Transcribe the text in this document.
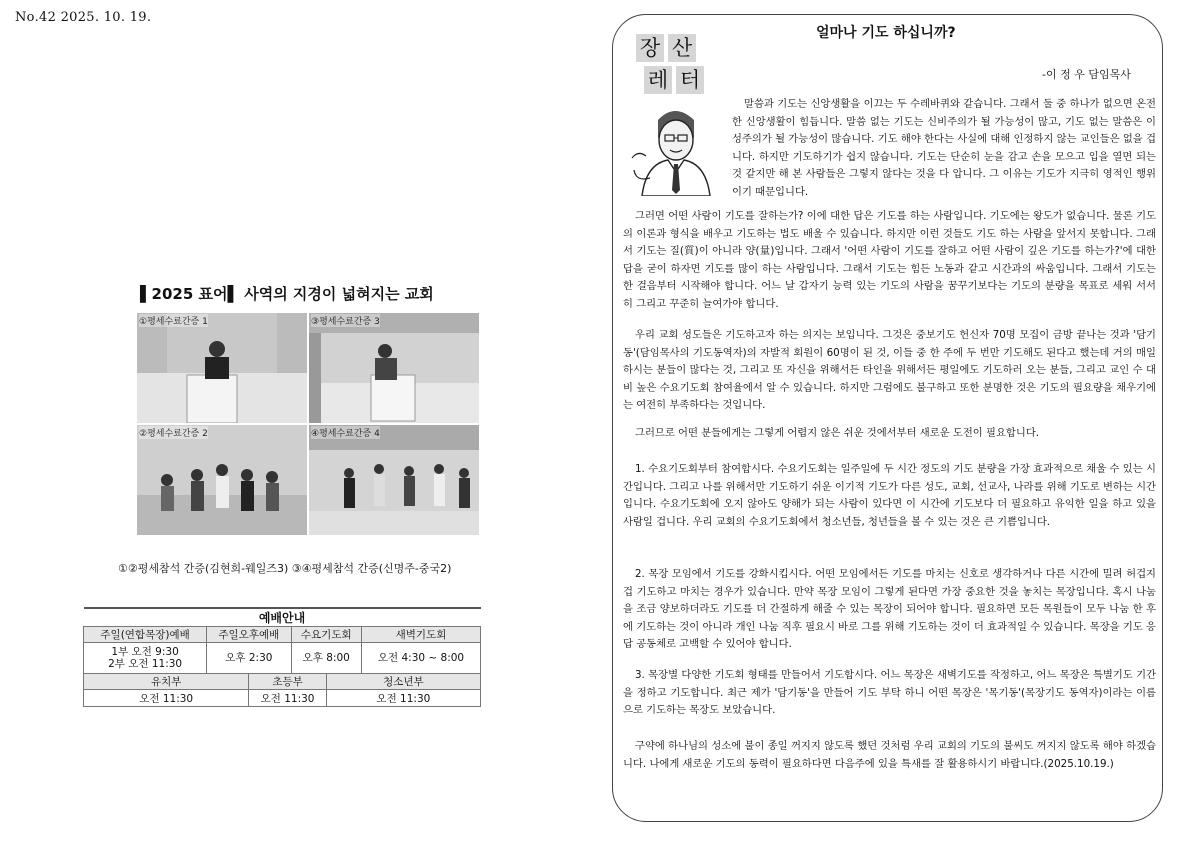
No.42 2025. 10. 19.
▌2025 표어▌ 사역의 지경이 넓혀지는 교회
①평세수료간증 1	③평세수료간증 3
②평세수료간증 2	④평세수료간증 4
①②평세참석 간증(김현희-웨일즈3) ③④평세참석 간증(신명주-중국2)
예배안내					
주일(연합목장)예배	주일오후예배		수요기도회		새벽기도회
1부 오전 9:30
2부 오전 11:30	오후 2:30		오후 8:00		오전 4:30 ~ 8:00
유치부		초등부		청소년부	
오전 11:30		오전 11:30		오전 11:30	
장 산
레 터
얼마나 기도 하십니까?
-이 정 우 담임목사

말씀과 기도는 신앙생활을 이끄는 두 수레바퀴와 같습니다. 그래서 둘 중 하나가 없으면 온전한 신앙생활이 힘듭니다. 말씀 없는 기도는 신비주의가 될 가능성이 많고, 기도 없는 말씀은 이성주의가 될 가능성이 많습니다. 기도 해야 한다는 사실에 대해 인정하지 않는 교인들은 없을 겁니다. 하지만 기도하기가 쉽지 않습니다. 기도는 단순히 눈을 감고 손을 모으고 입을 열면 되는 것 같지만 해 본 사람들은 그렇지 않다는 것을 다 압니다. 그 이유는 기도가 지극히 영적인 행위이기 때문입니다.

그러면 어떤 사람이 기도를 잘하는가? 이에 대한 답은 기도를 하는 사람입니다. 기도에는 왕도가 없습니다. 물론 기도의 이론과 형식을 배우고 기도하는 법도 배울 수 있습니다. 하지만 이런 것들도 기도 하는 사람을 앞서지 못합니다. 그래서 기도는 질(質)이 아니라 양(量)입니다. 그래서 '어떤 사람이 기도를 잘하고 어떤 사람이 깊은 기도를 하는가?'에 대한 답을 굳이 하자면 기도를 많이 하는 사람입니다. 그래서 기도는 힘든 노동과 같고 시간과의 싸움입니다. 그래서 기도는 한 걸음부터 시작해야 합니다. 어느 날 갑자기 능력 있는 기도의 사람을 꿈꾸기보다는 기도의 분량을 목표로 세워 서서히 그리고 꾸준히 늘여가야 합니다.

우리 교회 성도들은 기도하고자 하는 의지는 보입니다. 그것은 중보기도 헌신자 70명 모집이 금방 끝나는 것과 '담기동'(담임목사의 기도동역자)의 자발적 회원이 60명이 된 것, 이들 중 한 주에 두 번만 기도해도 된다고 했는데 거의 매일 하시는 분들이 많다는 것, 그리고 또 자신을 위해서든 타인을 위해서든 평일에도 기도하러 오는 분들, 그리고 교인 수 대비 높은 수요기도회 참여율에서 알 수 있습니다. 하지만 그럼에도 불구하고 또한 분명한 것은 기도의 필요량을 채우기에는 여전히 부족하다는 것입니다.

그러므로 어떤 분들에게는 그렇게 어렵지 않은 쉬운 것에서부터 새로운 도전이 필요합니다.

1. 수요기도회부터 참여합시다. 수요기도회는 일주일에 두 시간 정도의 기도 분량을 가장 효과적으로 채울 수 있는 시간입니다. 그리고 나를 위해서만 기도하기 쉬운 이기적 기도가 다른 성도, 교회, 선교사, 나라를 위해 기도로 변하는 시간입니다. 수요기도회에 오지 않아도 양해가 되는 사람이 있다면 이 시간에 기도보다 더 필요하고 유익한 일을 하고 있을 사람일 겁니다. 우리 교회의 수요기도회에서 청소년들, 청년들을 볼 수 있는 것은 큰 기쁨입니다.

2. 목장 모임에서 기도를 강화시킵시다. 어떤 모임에서든 기도를 마치는 신호로 생각하거나 다른 시간에 밀려 허겁지겁 기도하고 마치는 경우가 있습니다. 만약 목장 모임이 그렇게 된다면 가장 중요한 것을 놓치는 목장입니다. 혹시 나눔을 조금 양보하더라도 기도를 더 간절하게 해줄 수 있는 목장이 되어야 합니다. 필요하면 모든 목원들이 모두 나눔 한 후에 기도하는 것이 아니라 개인 나눔 직후 필요시 바로 그를 위해 기도하는 것이 더 효과적일 수 있습니다. 목장을 기도 응답 공동체로 고백할 수 있어야 합니다.

3. 목장별 다양한 기도회 형태를 만들어서 기도합시다. 어느 목장은 새벽기도를 작정하고, 어느 목장은 특별기도 기간을 정하고 기도합니다. 최근 제가 '담기동'을 만들어 기도 부탁 하니 어떤 목장은 '목기동'(목장기도 동역자)이라는 이름으로 기도하는 목장도 보았습니다.

구약에 하나님의 성소에 불이 종일 꺼지지 않도록 했던 것처럼 우리 교회의 기도의 불씨도 꺼지지 않도록 해야 하겠습니다. 나에게 새로운 기도의 동력이 필요하다면 다음주에 있을 특새를 잘 활용하시기 바랍니다.(2025.10.19.)
